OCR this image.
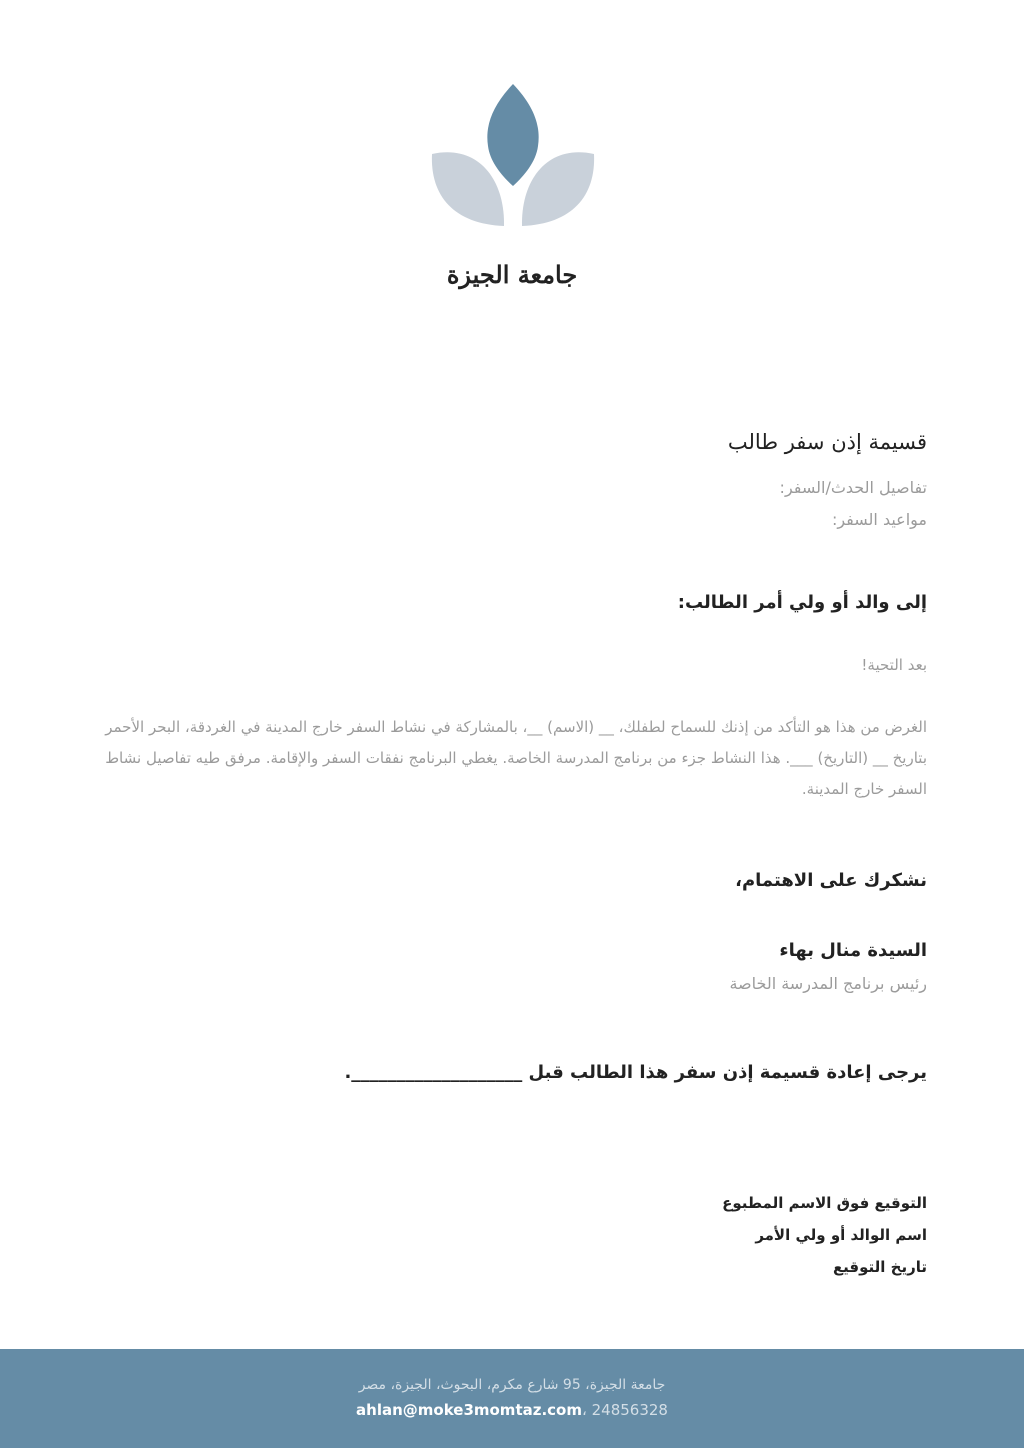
جامعة الجيزة
قسيمة إذن سفر طالب
تفاصيل الحدث/السفر:
مواعيد السفر:
إلى والد أو ولي أمر الطالب:
بعد التحية!
الغرض من هذا هو التأكد من إذنك للسماح لطفلك، __ (الاسم) __، بالمشاركة في نشاط السفر خارج المدينة في الغردقة، البحر الأحمر بتاريخ __ (التاريخ) ___. هذا النشاط جزء من برنامج المدرسة الخاصة. يغطي البرنامج نفقات السفر والإقامة. مرفق طيه تفاصيل نشاط السفر خارج المدينة.
نشكرك على الاهتمام،
السيدة منال بهاء
رئيس برنامج المدرسة الخاصة
يرجى إعادة قسيمة إذن سفر هذا الطالب قبل ___________________.
التوقيع فوق الاسم المطبوع
اسم الوالد أو ولي الأمر
تاريخ التوقيع
جامعة الجيزة، 95 شارع مكرم، البحوث، الجيزة، مصر
ahlan@moke3momtaz.com، 24856328
